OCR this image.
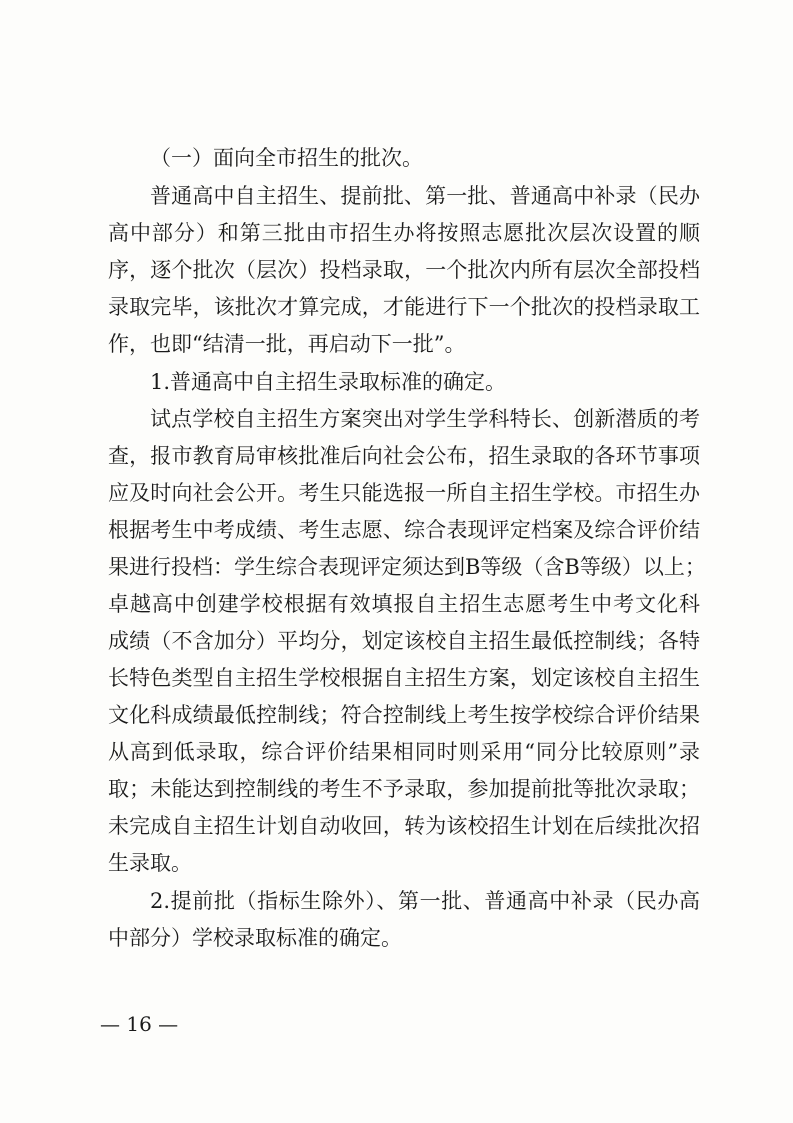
（一）面向全市招生的批次。
普通高中自主招生、提前批、第一批、普通高中补录（民办
高中部分）和第三批由市招生办将按照志愿批次层次设置的顺
序，逐个批次（层次）投档录取，一个批次内所有层次全部投档
录取完毕，该批次才算完成，才能进行下一个批次的投档录取工
作，也即“结清一批，再启动下一批”。
1.普通高中自主招生录取标准的确定。
试点学校自主招生方案突出对学生学科特长、创新潜质的考
查，报市教育局审核批准后向社会公布，招生录取的各环节事项
应及时向社会公开。考生只能选报一所自主招生学校。市招生办
根据考生中考成绩、考生志愿、综合表现评定档案及综合评价结
果进行投档：学生综合表现评定须达到B等级（含B等级）以上；
卓越高中创建学校根据有效填报自主招生志愿考生中考文化科
成绩（不含加分）平均分，划定该校自主招生最低控制线；各特
长特色类型自主招生学校根据自主招生方案，划定该校自主招生
文化科成绩最低控制线；符合控制线上考生按学校综合评价结果
从高到低录取，综合评价结果相同时则采用“同分比较原则”录
取；未能达到控制线的考生不予录取，参加提前批等批次录取；
未完成自主招生计划自动收回，转为该校招生计划在后续批次招
生录取。
2.提前批（指标生除外）、第一批、普通高中补录（民办高
中部分）学校录取标准的确定。
— 16 —
